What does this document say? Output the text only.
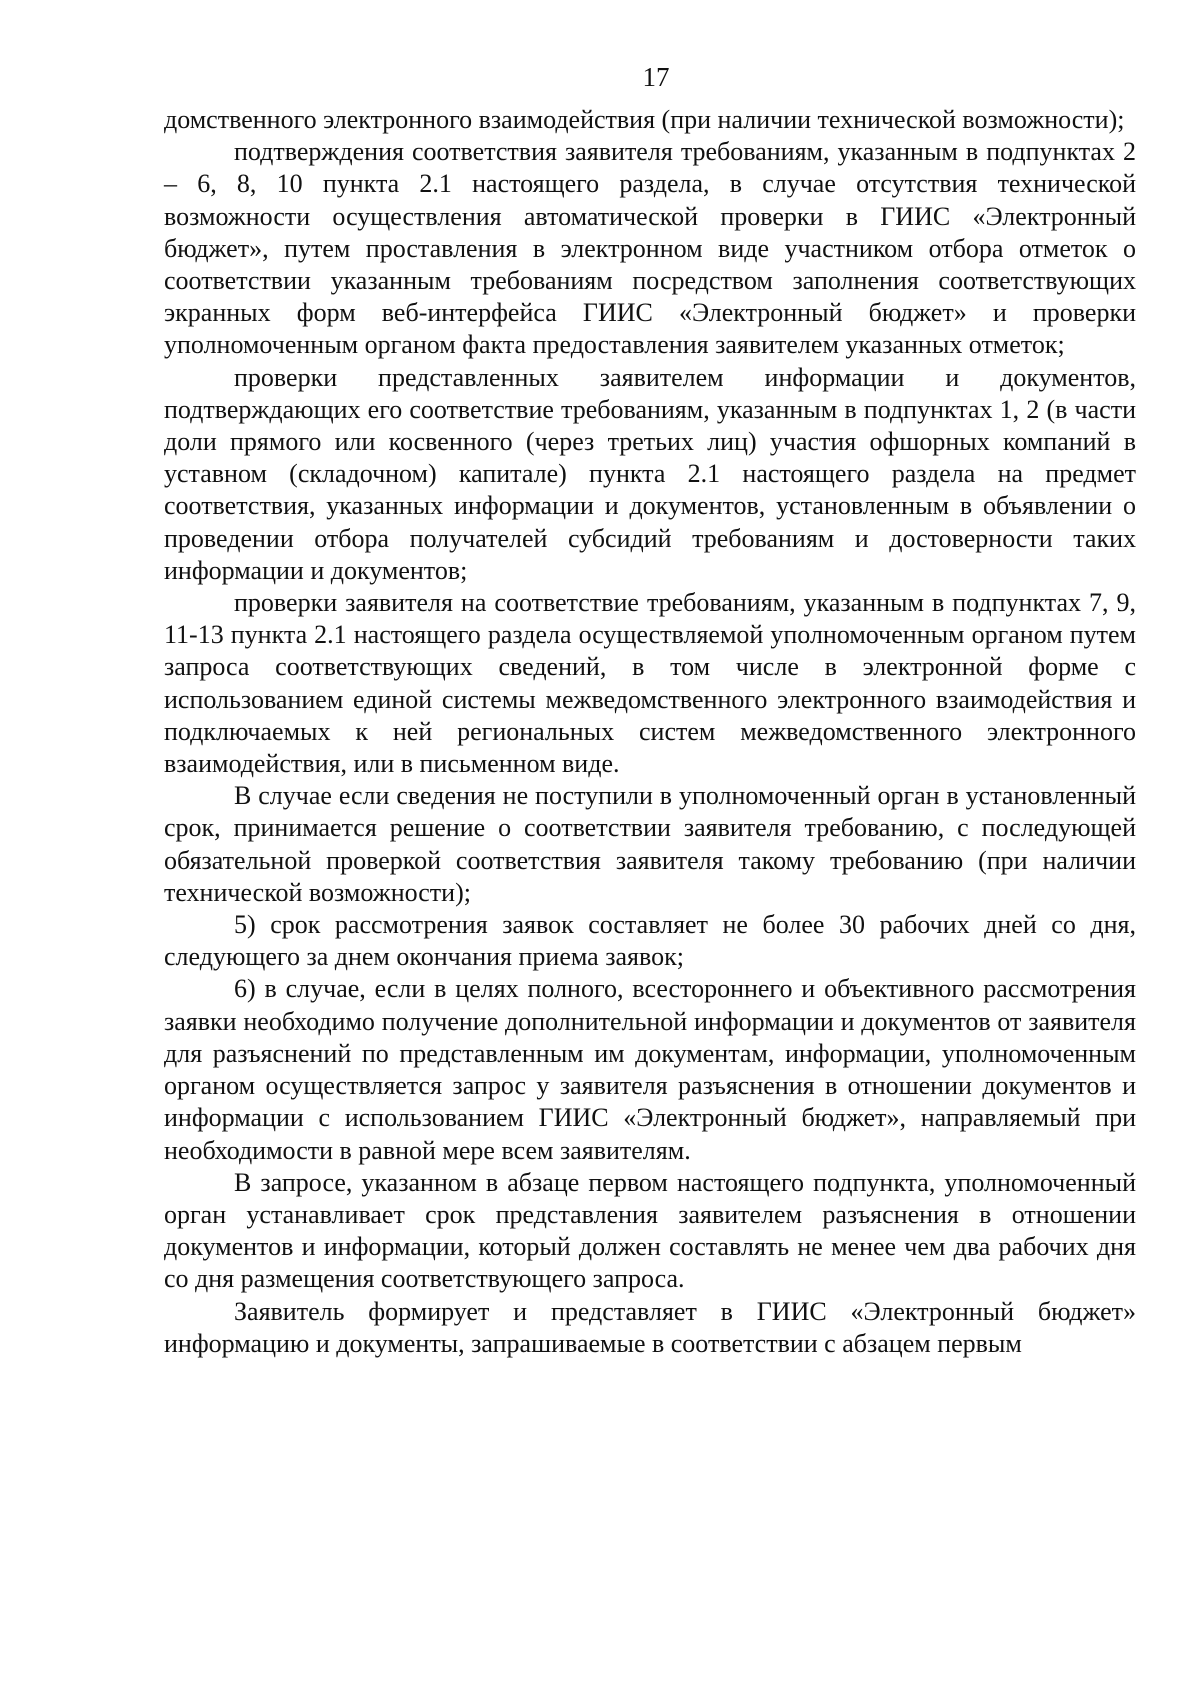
17

домственного электронного взаимодействия (при наличии технической возможности);

подтверждения соответствия заявителя требованиям, указанным в подпунктах 2 – 6, 8, 10 пункта 2.1 настоящего раздела, в случае отсутствия технической возможности осуществления автоматической проверки в ГИИС «Электронный бюджет», путем проставления в электронном виде участником отбора отметок о соответствии указанным требованиям посредством заполнения соответствующих экранных форм веб-интерфейса ГИИС «Электронный бюджет» и проверки уполномоченным органом факта предоставления заявителем указанных отметок;

проверки представленных заявителем информации и документов, подтверждающих его соответствие требованиям, указанным в подпунктах 1, 2 (в части доли прямого или косвенного (через третьих лиц) участия офшорных компаний в уставном (складочном) капитале) пункта 2.1 настоящего раздела на предмет соответствия, указанных информации и документов, установленным в объявлении о проведении отбора получателей субсидий требованиям и достоверности таких информации и документов;

проверки заявителя на соответствие требованиям, указанным в подпунктах 7, 9, 11-13 пункта 2.1 настоящего раздела осуществляемой уполномоченным органом путем запроса соответствующих сведений, в том числе в электронной форме с использованием единой системы межведомственного электронного взаимодействия и подключаемых к ней региональных систем межведомственного электронного взаимодействия, или в письменном виде.

В случае если сведения не поступили в уполномоченный орган в установленный срок, принимается решение о соответствии заявителя требованию, с последующей обязательной проверкой соответствия заявителя такому требованию (при наличии технической возможности);

5) срок рассмотрения заявок составляет не более 30 рабочих дней со дня, следующего за днем окончания приема заявок;

6) в случае, если в целях полного, всестороннего и объективного рассмотрения заявки необходимо получение дополнительной информации и документов от заявителя для разъяснений по представленным им документам, информации, уполномоченным органом осуществляется запрос у заявителя разъяснения в отношении документов и информации с использованием ГИИС «Электронный бюджет», направляемый при необходимости в равной мере всем заявителям.

В запросе, указанном в абзаце первом настоящего подпункта, уполномоченный орган устанавливает срок представления заявителем разъяснения в отношении документов и информации, который должен составлять не менее чем два рабочих дня со дня размещения соответствующего запроса.

Заявитель формирует и представляет в ГИИС «Электронный бюджет» информацию и документы, запрашиваемые в соответствии с абзацем первым
